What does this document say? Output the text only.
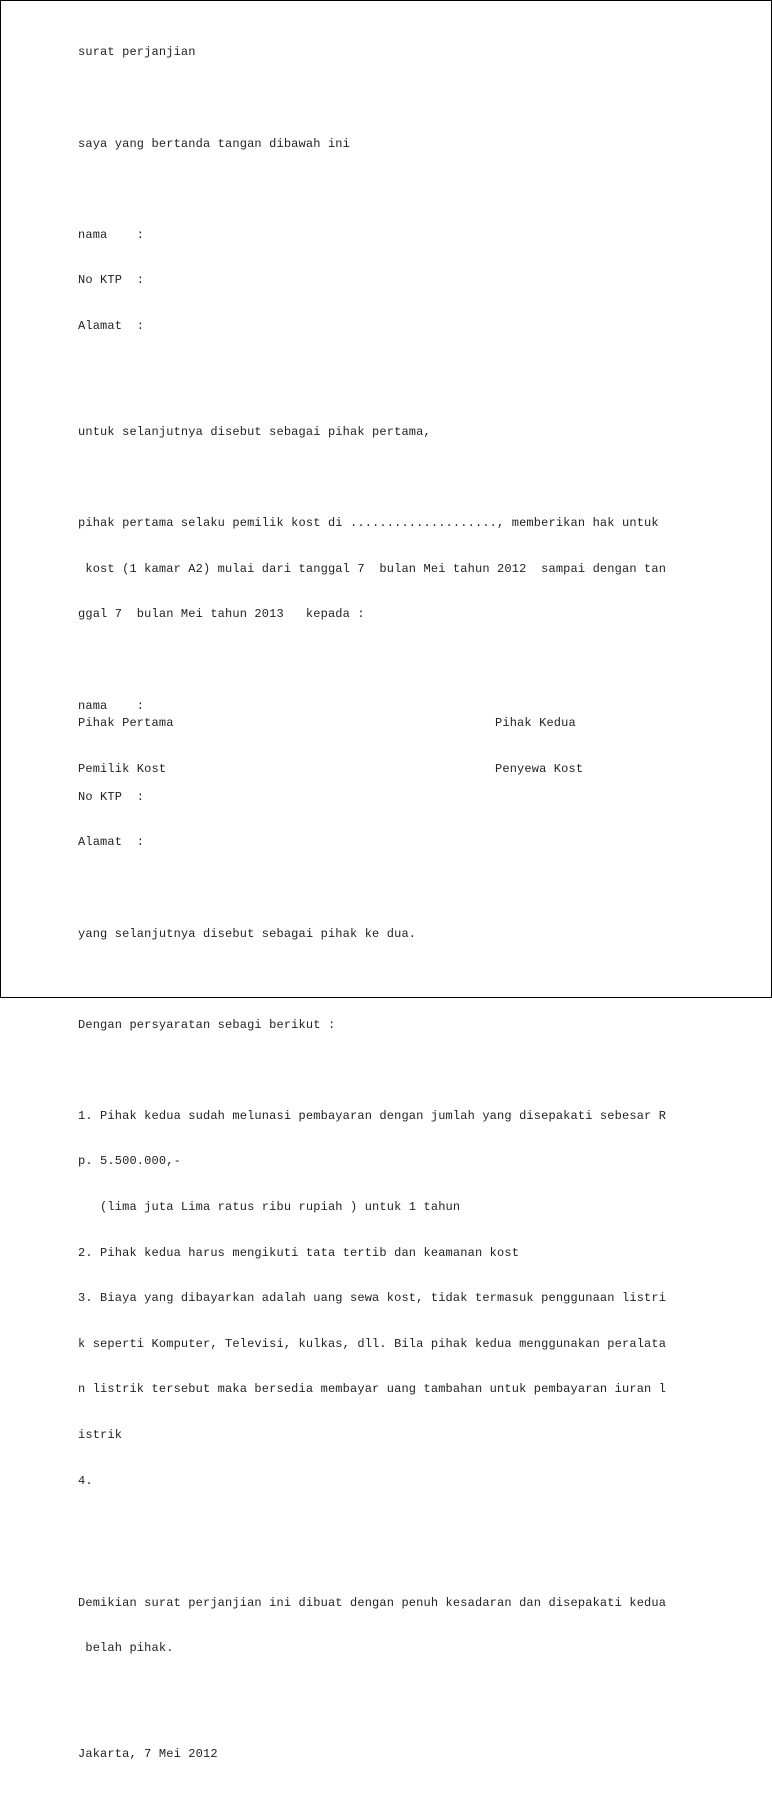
surat perjanjian

saya yang bertanda tangan dibawah ini

nama    :

No KTP  :

Alamat  :

untuk selanjutnya disebut sebagai pihak pertama,

pihak pertama selaku pemilik kost di ...................., memberikan hak untuk

kost (1 kamar A2) mulai dari tanggal 7  bulan Mei tahun 2012  sampai dengan tan

ggal 7  bulan Mei tahun 2013   kepada :

nama    :

No KTP  :

Alamat  :

yang selanjutnya disebut sebagai pihak ke dua.

Dengan persyaratan sebagi berikut :

1. Pihak kedua sudah melunasi pembayaran dengan jumlah yang disepakati sebesar R

p. 5.500.000,-

(lima juta Lima ratus ribu rupiah ) untuk 1 tahun

2. Pihak kedua harus mengikuti tata tertib dan keamanan kost

3. Biaya yang dibayarkan adalah uang sewa kost, tidak termasuk penggunaan listri

k seperti Komputer, Televisi, kulkas, dll. Bila pihak kedua menggunakan peralata

n listrik tersebut maka bersedia membayar uang tambahan untuk pembayaran iuran l

istrik

4.

Demikian surat perjanjian ini dibuat dengan penuh kesadaran dan disepakati kedua

belah pihak.

Jakarta, 7 Mei 2012

Pihak Pertama

Pemilik Kost

Pihak Kedua

Penyewa Kost
